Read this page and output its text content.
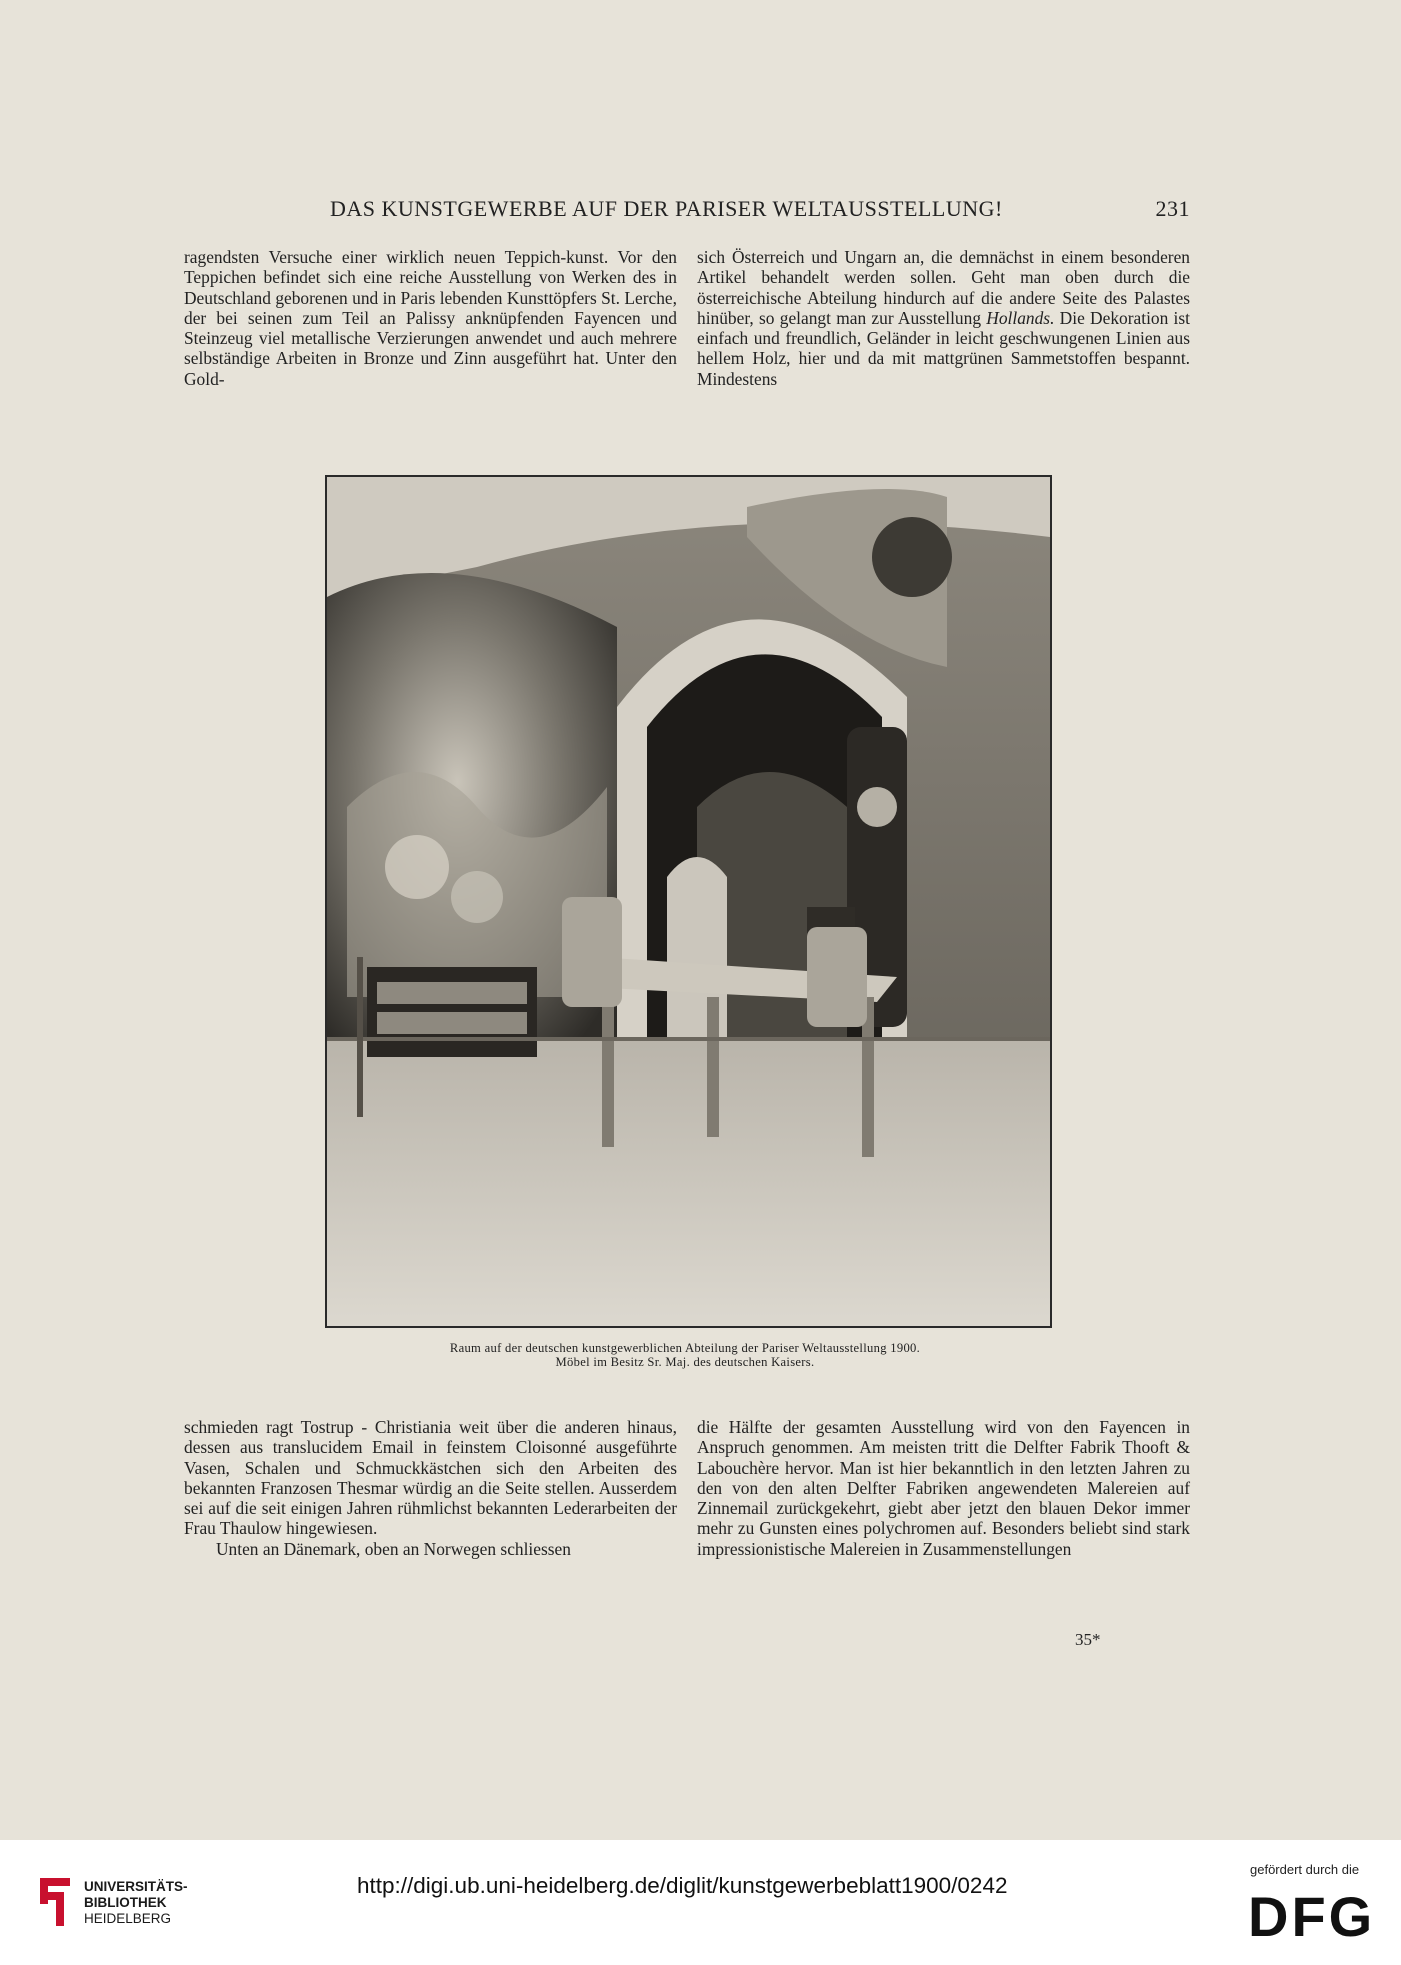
DAS KUNSTGEWERBE AUF DER PARISER WELTAUSSTELLUNG!	231

ragendsten Versuche einer wirklich neuen Teppich-kunst. Vor den Teppichen befindet sich eine reiche Ausstellung von Werken des in Deutschland geborenen und in Paris lebenden Kunsttöpfers St. Lerche, der bei seinen zum Teil an Palissy anknüpfenden Fayencen und Steinzeug viel metallische Verzierungen anwendet und auch mehrere selbständige Arbeiten in Bronze und Zinn ausgeführt hat. Unter den Gold-

sich Österreich und Ungarn an, die demnächst in einem besonderen Artikel behandelt werden sollen. Geht man oben durch die österreichische Abteilung hindurch auf die andere Seite des Palastes hinüber, so gelangt man zur Ausstellung Hollands. Die Dekoration ist einfach und freundlich, Geländer in leicht geschwungenen Linien aus hellem Holz, hier und da mit mattgrünen Sammetstoffen bespannt. Mindestens

Raum auf der deutschen kunstgewerblichen Abteilung der Pariser Weltausstellung 1900.
Möbel im Besitz Sr. Maj. des deutschen Kaisers.

schmieden ragt Tostrup - Christiania weit über die anderen hinaus, dessen aus translucidem Email in feinstem Cloisonné ausgeführte Vasen, Schalen und Schmuckkästchen sich den Arbeiten des bekannten Franzosen Thesmar würdig an die Seite stellen. Ausserdem sei auf die seit einigen Jahren rühmlichst bekannten Lederarbeiten der Frau Thaulow hingewiesen.

Unten an Dänemark, oben an Norwegen schliessen

die Hälfte der gesamten Ausstellung wird von den Fayencen in Anspruch genommen. Am meisten tritt die Delfter Fabrik Thooft & Labouchère hervor. Man ist hier bekanntlich in den letzten Jahren zu den von den alten Delfter Fabriken angewendeten Malereien auf Zinnemail zurückgekehrt, giebt aber jetzt den blauen Dekor immer mehr zu Gunsten eines polychromen auf. Besonders beliebt sind stark impressionistische Malereien in Zusammenstellungen

35*
UNIVERSITÄTS-
BIBLIOTHEK
HEIDELBERG
http://digi.ub.uni-heidelberg.de/diglit/kunstgewerbeblatt1900/0242
gefördert durch die
DFG
